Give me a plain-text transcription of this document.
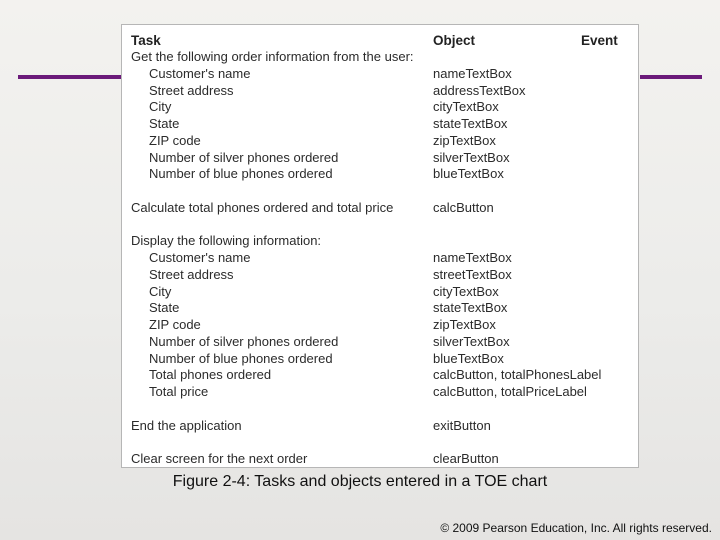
Task	Object	Event
Get the following order information from the user:		
Customer's name	nameTextBox	
Street address	addressTextBox	
City	cityTextBox	
State	stateTextBox	
ZIP code	zipTextBox	
Number of silver phones ordered	silverTextBox	
Number of blue phones ordered	blueTextBox	

Calculate total phones ordered and total price	calcButton	

Display the following information:		
Customer's name	nameTextBox	
Street address	streetTextBox	
City	cityTextBox	
State	stateTextBox	
ZIP code	zipTextBox	
Number of silver phones ordered	silverTextBox	
Number of blue phones ordered	blueTextBox	
Total phones ordered	calcButton, totalPhonesLabel	
Total price	calcButton, totalPriceLabel	

End the application	exitButton	

Clear screen for the next order	clearButton	
Figure 2-4: Tasks and objects entered in a TOE chart
© 2009 Pearson Education, Inc. All rights reserved.
